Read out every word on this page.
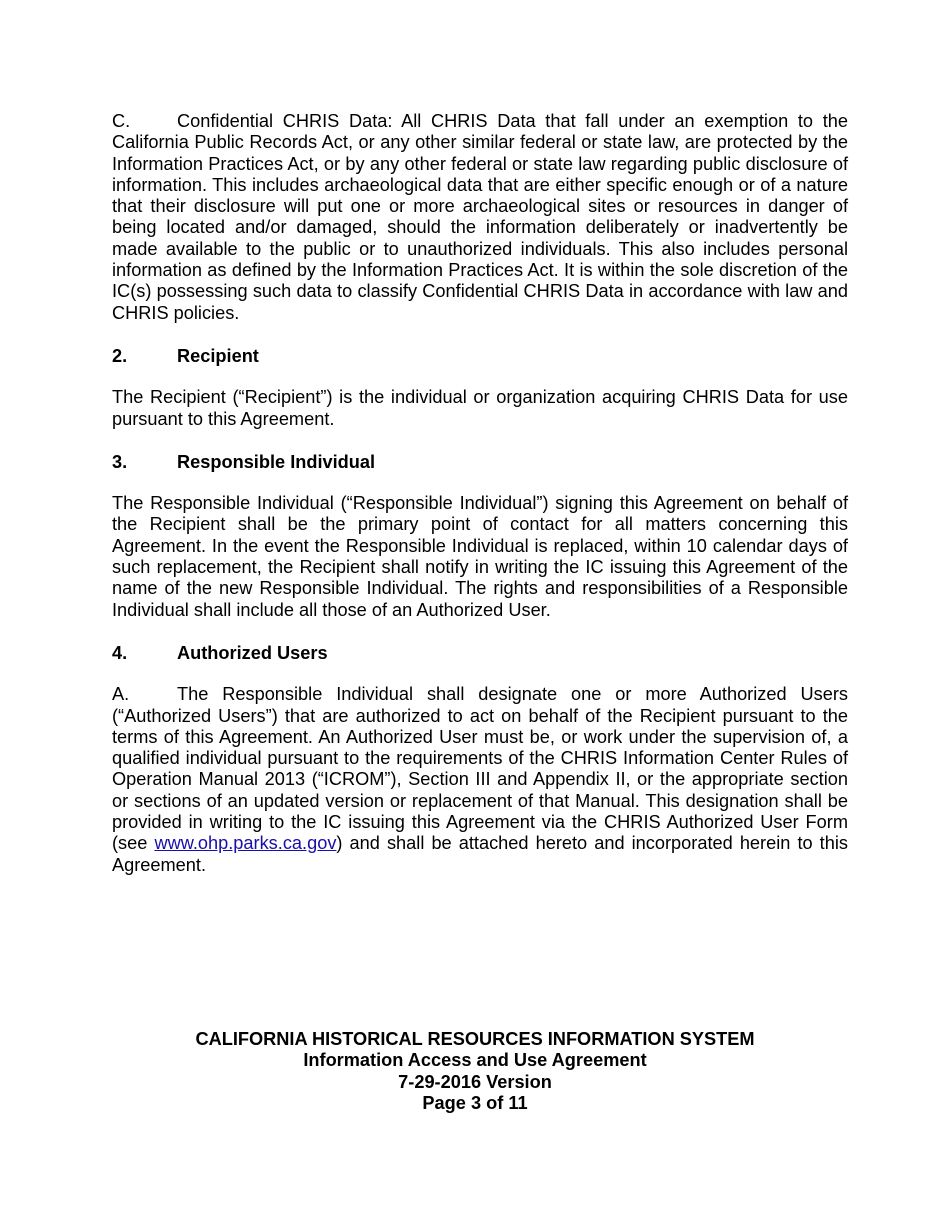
C.	Confidential CHRIS Data: All CHRIS Data that fall under an exemption to the California Public Records Act, or any other similar federal or state law, are protected by the Information Practices Act, or by any other federal or state law regarding public disclosure of information. This includes archaeological data that are either specific enough or of a nature that their disclosure will put one or more archaeological sites or resources in danger of being located and/or damaged, should the information deliberately or inadvertently be made available to the public or to unauthorized individuals. This also includes personal information as defined by the Information Practices Act. It is within the sole discretion of the IC(s) possessing such data to classify Confidential CHRIS Data in accordance with law and CHRIS policies.

2.	Recipient

The Recipient (“Recipient”) is the individual or organization acquiring CHRIS Data for use pursuant to this Agreement.

3.	Responsible Individual

The Responsible Individual (“Responsible Individual”) signing this Agreement on behalf of the Recipient shall be the primary point of contact for all matters concerning this Agreement. In the event the Responsible Individual is replaced, within 10 calendar days of such replacement, the Recipient shall notify in writing the IC issuing this Agreement of the name of the new Responsible Individual. The rights and responsibilities of a Responsible Individual shall include all those of an Authorized User.

4.	Authorized Users

A.	The Responsible Individual shall designate one or more Authorized Users (“Authorized Users”) that are authorized to act on behalf of the Recipient pursuant to the terms of this Agreement. An Authorized User must be, or work under the supervision of, a qualified individual pursuant to the requirements of the CHRIS Information Center Rules of Operation Manual 2013 (“ICROM”), Section III and Appendix II, or the appropriate section or sections of an updated version or replacement of that Manual. This designation shall be provided in writing to the IC issuing this Agreement via the CHRIS Authorized User Form (see www.ohp.parks.ca.gov) and shall be attached hereto and incorporated herein to this Agreement.

CALIFORNIA HISTORICAL RESOURCES INFORMATION SYSTEM
Information Access and Use Agreement
7-29-2016 Version
Page 3 of 11
